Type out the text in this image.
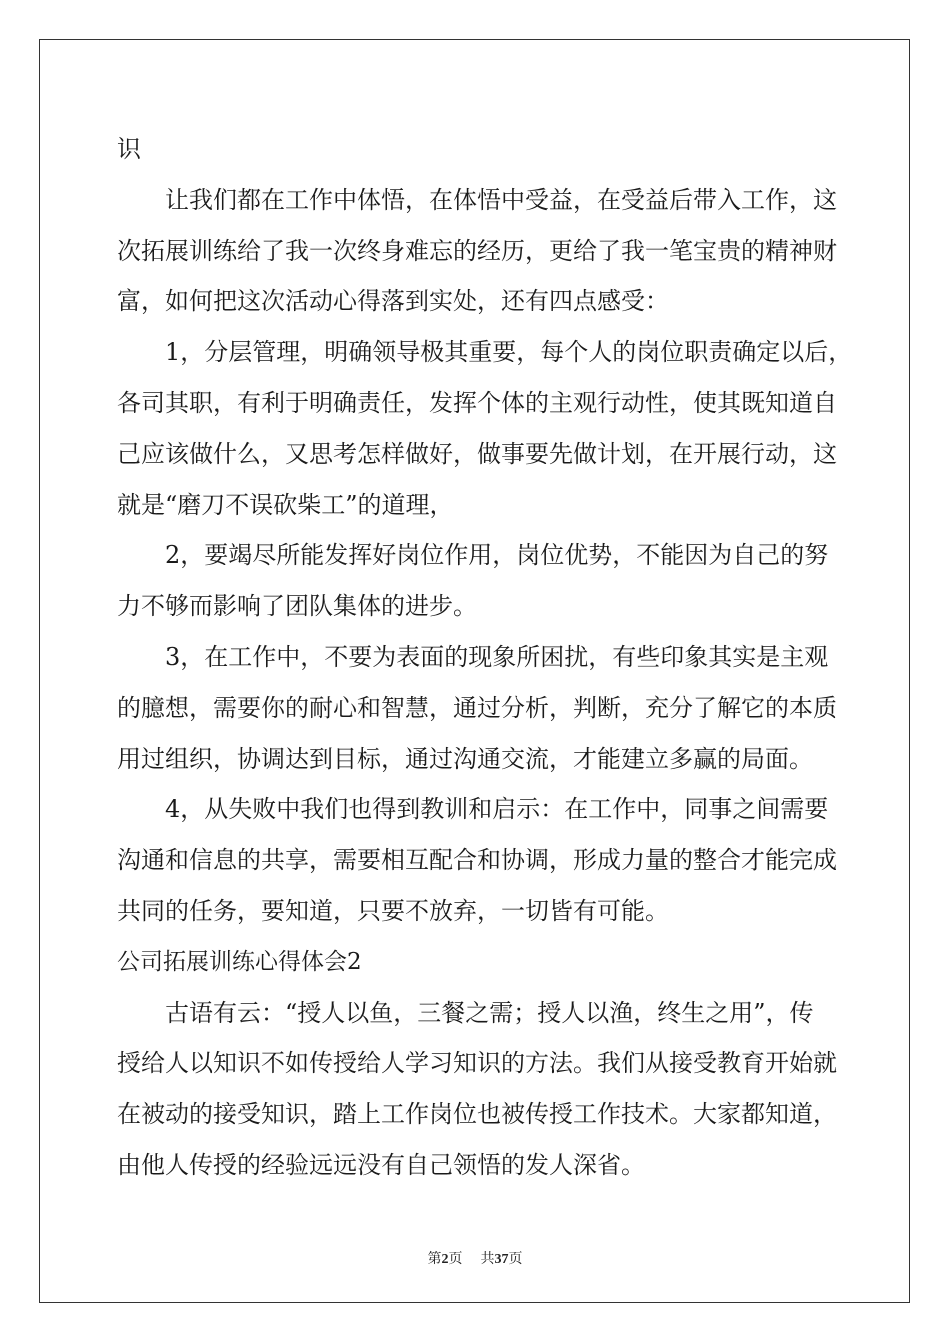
识

让我们都在工作中体悟，在体悟中受益，在受益后带入工作，这

次拓展训练给了我一次终身难忘的经历，更给了我一笔宝贵的精神财

富，如何把这次活动心得落到实处，还有四点感受：

1，分层管理，明确领导极其重要，每个人的岗位职责确定以后，

各司其职，有利于明确责任，发挥个体的主观行动性，使其既知道自

己应该做什么，又思考怎样做好，做事要先做计划，在开展行动，这

就是“磨刀不误砍柴工”的道理，

2，要竭尽所能发挥好岗位作用，岗位优势，不能因为自己的努

力不够而影响了团队集体的进步。

3，在工作中，不要为表面的现象所困扰，有些印象其实是主观

的臆想，需要你的耐心和智慧，通过分析，判断，充分了解它的本质

用过组织，协调达到目标，通过沟通交流，才能建立多赢的局面。

4，从失败中我们也得到教训和启示：在工作中，同事之间需要

沟通和信息的共享，需要相互配合和协调，形成力量的整合才能完成

共同的任务，要知道，只要不放弃，一切皆有可能。

公司拓展训练心得体会2

古语有云：“授人以鱼，三餐之需；授人以渔，终生之用”，传

授给人以知识不如传授给人学习知识的方法。我们从接受教育开始就

在被动的接受知识，踏上工作岗位也被传授工作技术。大家都知道，

由他人传授的经验远远没有自己领悟的发人深省。

第2页 共37页
